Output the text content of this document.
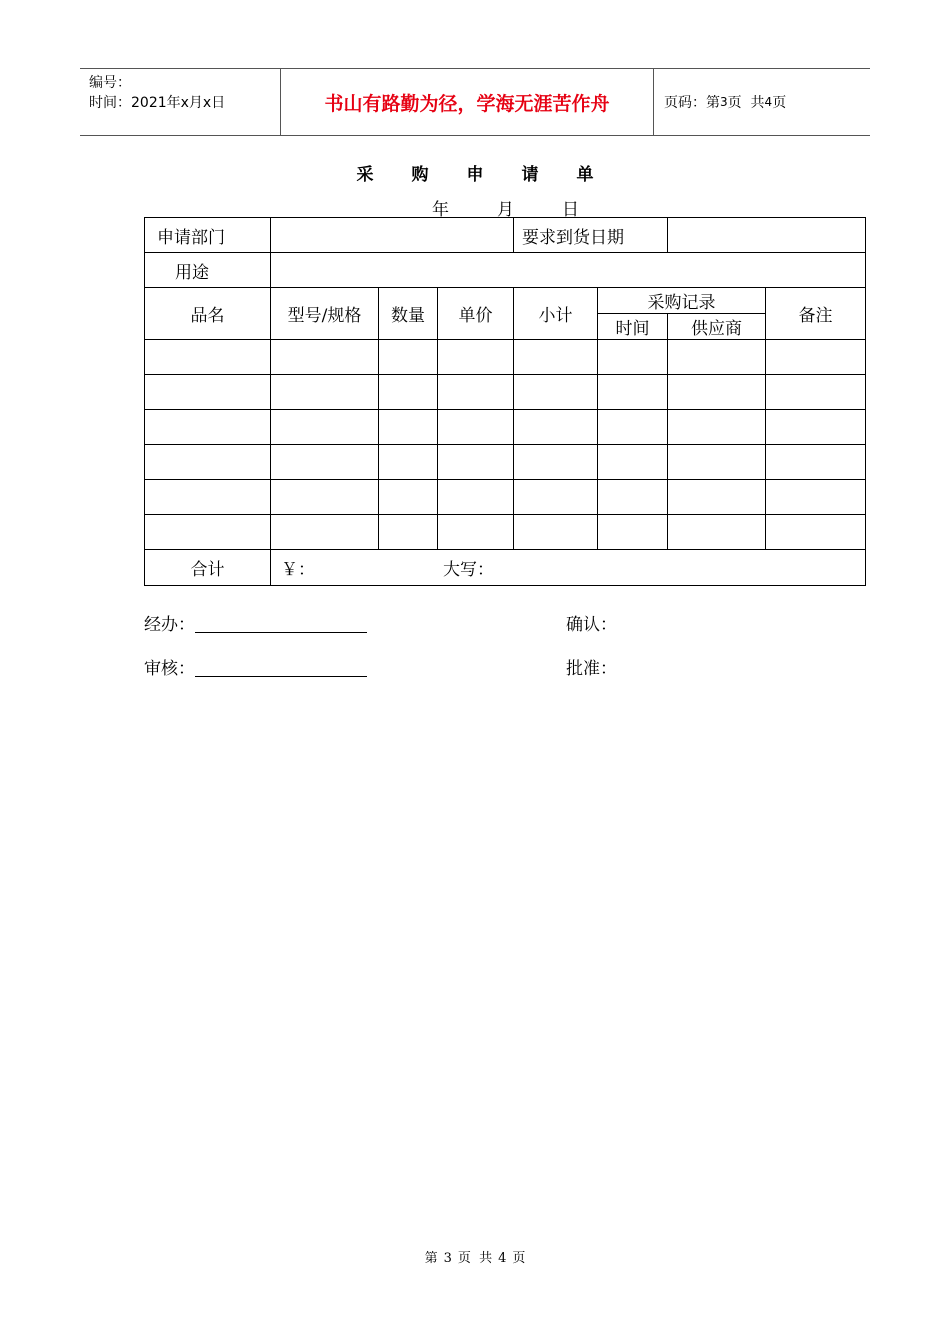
编号：
时间：2021年x月x日	书山有路勤为径，学海无涯苦作舟	页码：第 3 页  共 4 页
采 购 申 请 单
年	月	日
申请部门				要求到货日期			
用途							
品名	型号/规格	数量	单价	小计	采购记录		备注
					时间	供应商	

合计	￥： 大写：						
经办：	确认：
审核：	批准：
第 3 页  共 4 页
